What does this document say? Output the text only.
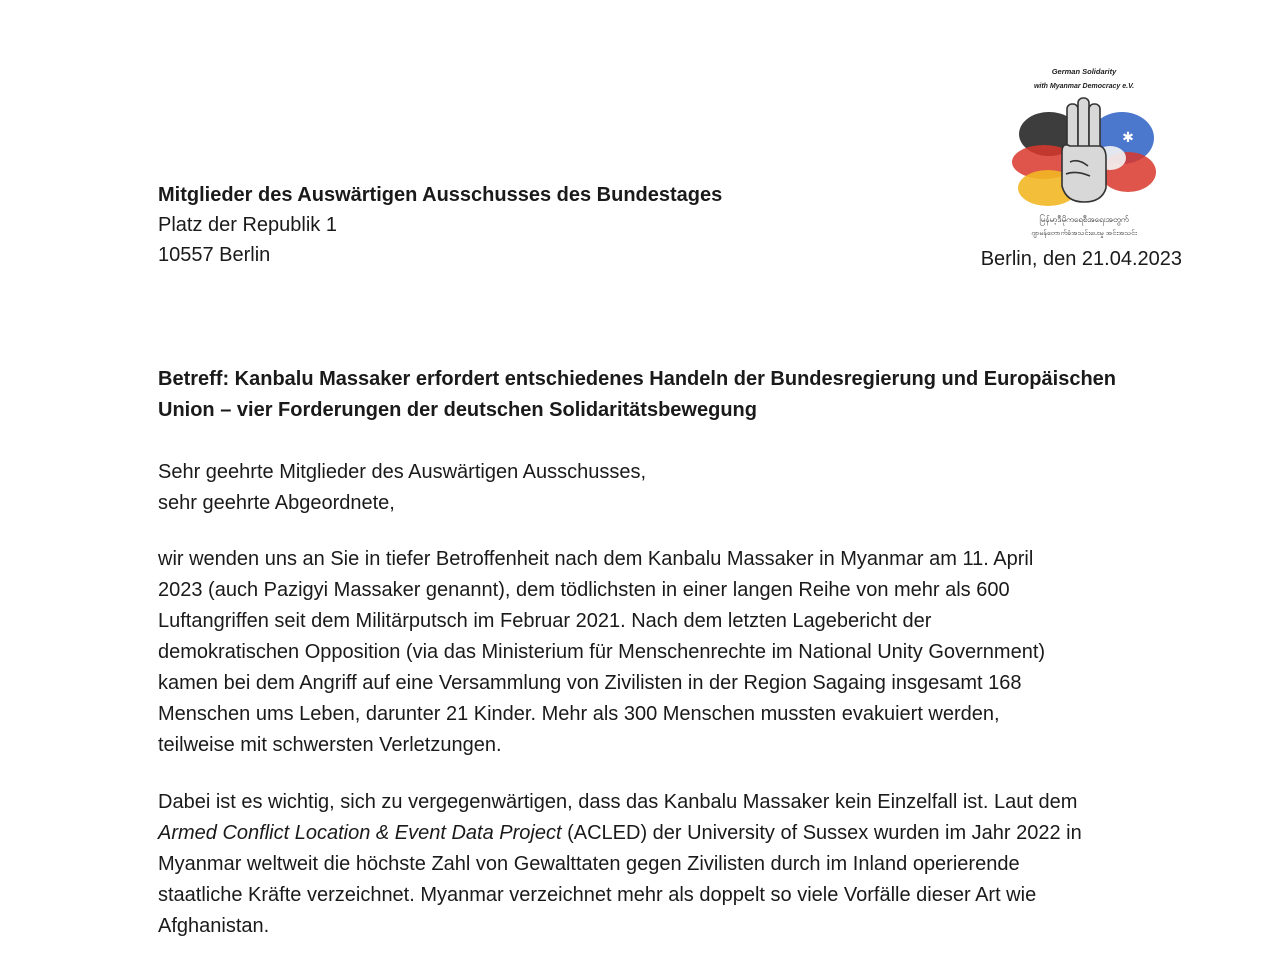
German Solidarity
with Myanmar Democracy e.V.
✱
မြန်မာ့ဒီမိုကရေစီအရေးအတွက်
ဂျာမန်တောက်ခံအသင်းပေးမှု အင်းအသင်း
Mitglieder des Auswärtigen Ausschusses des Bundestages
Platz der Republik 1
10557 Berlin	Berlin, den 21.04.2023
Betreff: Kanbalu Massaker erfordert entschiedenes Handeln der Bundesregierung und Europäischen
Union – vier Forderungen der deutschen Solidaritätsbewegung
Sehr geehrte Mitglieder des Auswärtigen Ausschusses,
sehr geehrte Abgeordnete,
wir wenden uns an Sie in tiefer Betroffenheit nach dem Kanbalu Massaker in Myanmar am 11. April
2023 (auch Pazigyi Massaker genannt), dem tödlichsten in einer langen Reihe von mehr als 600
Luftangriffen seit dem Militärputsch im Februar 2021. Nach dem letzten Lagebericht der
demokratischen Opposition (via das Ministerium für Menschenrechte im National Unity Government)
kamen bei dem Angriff auf eine Versammlung von Zivilisten in der Region Sagaing insgesamt 168
Menschen ums Leben, darunter 21 Kinder. Mehr als 300 Menschen mussten evakuiert werden,
teilweise mit schwersten Verletzungen.
Dabei ist es wichtig, sich zu vergegenwärtigen, dass das Kanbalu Massaker kein Einzelfall ist. Laut dem
Armed Conflict Location & Event Data Project (ACLED) der University of Sussex wurden im Jahr 2022 in
Myanmar weltweit die höchste Zahl von Gewalttaten gegen Zivilisten durch im Inland operierende
staatliche Kräfte verzeichnet. Myanmar verzeichnet mehr als doppelt so viele Vorfälle dieser Art wie
Afghanistan.
